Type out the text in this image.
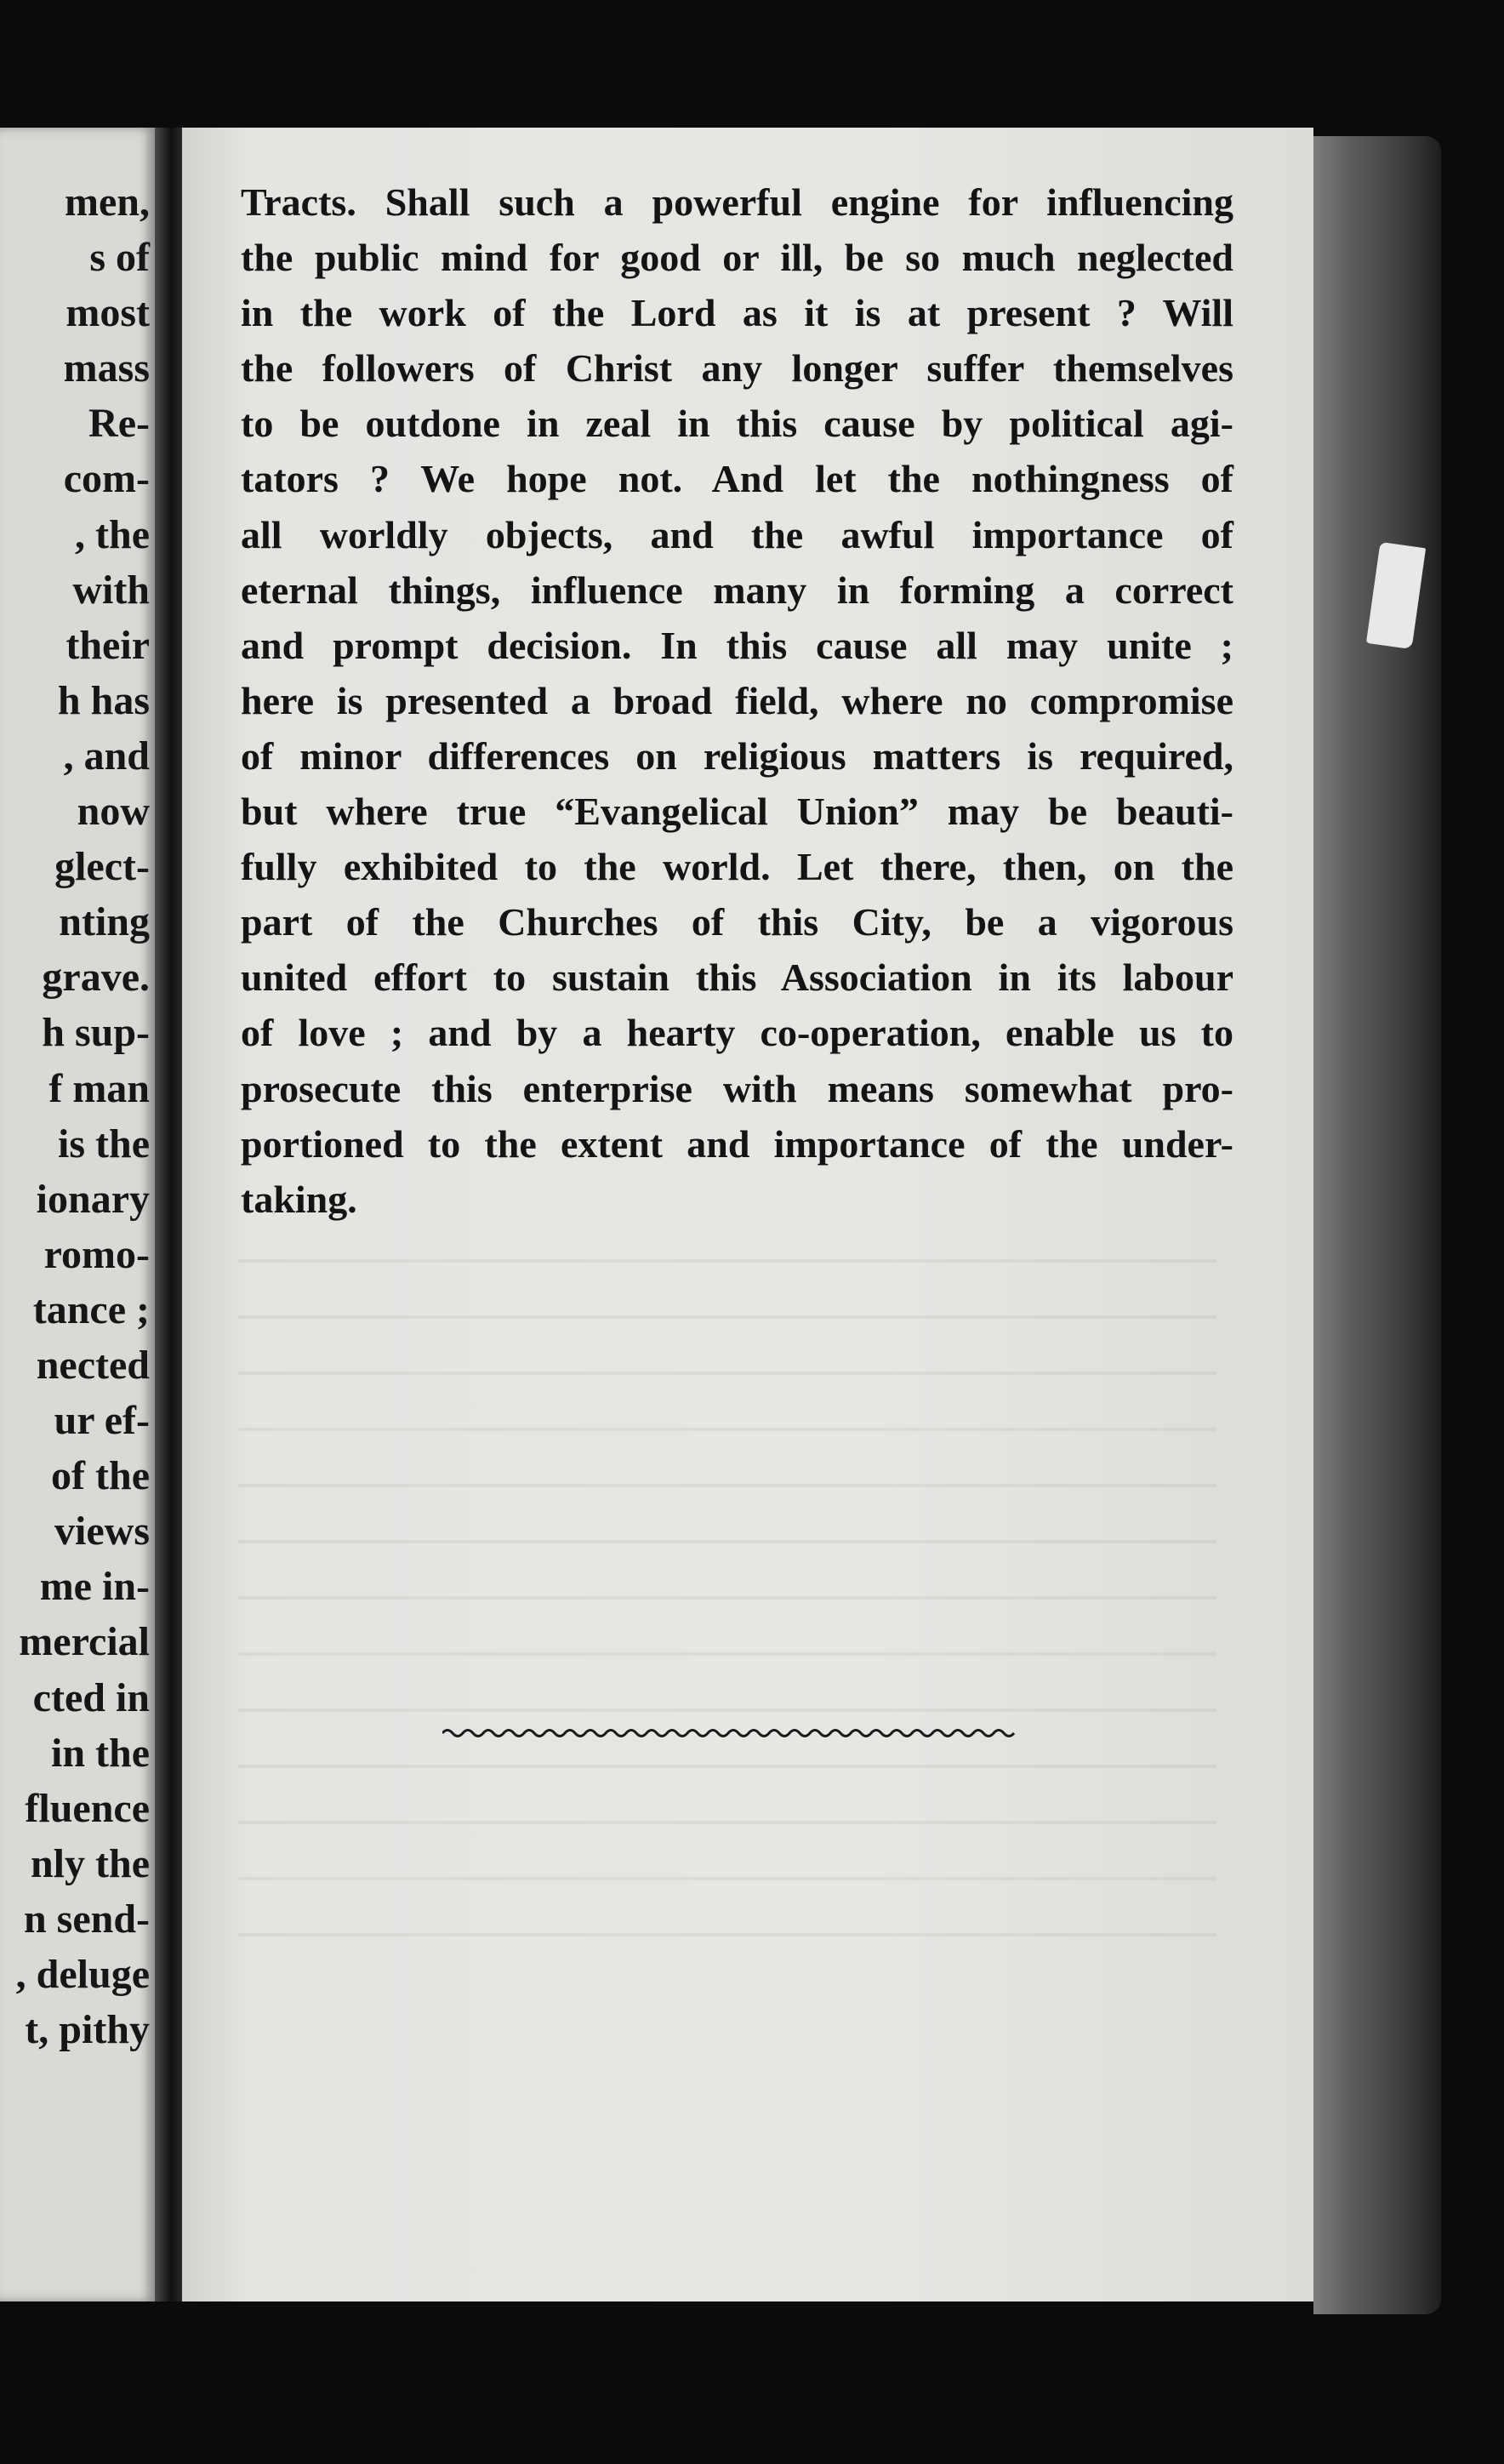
men,
s of
most
mass
Re-
com-
, the
with
their
h has
, and
now
glect-
nting
grave.
h sup-
f man
is the
ionary
romo-
tance ;
nected
ur ef-
of the
views
me in-
mercial
cted in
in the
fluence
nly the
n send-
, deluge
t, pithy
Tracts. Shall such a powerful engine for influencing
the public mind for good or ill, be so much neglected
in the work of the Lord as it is at present ? Will
the followers of Christ any longer suffer themselves
to be outdone in zeal in this cause by political agi-
tators ? We hope not. And let the nothingness of
all worldly objects, and the awful importance of
eternal things, influence many in forming a correct
and prompt decision. In this cause all may unite ;
here is presented a broad field, where no compromise
of minor differences on religious matters is required,
but where true “Evangelical Union” may be beauti-
fully exhibited to the world. Let there, then, on the
part of the Churches of this City, be a vigorous
united effort to sustain this Association in its labour
of love ; and by a hearty co-operation, enable us to
prosecute this enterprise with means somewhat pro-
portioned to the extent and importance of the under-
taking.
